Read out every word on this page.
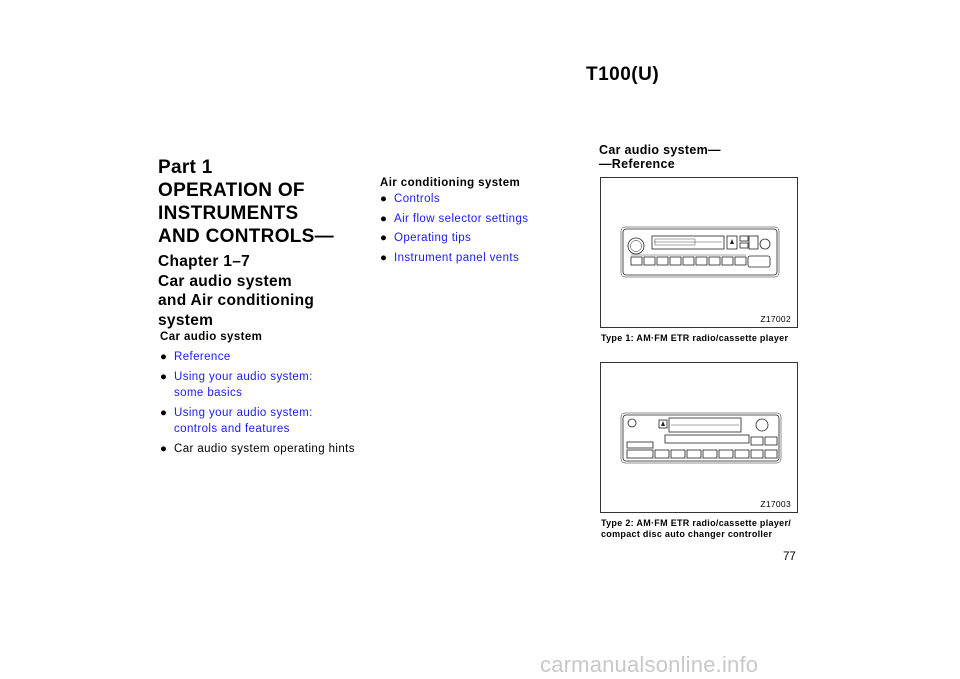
T100(U)
Part 1
OPERATION OF
INSTRUMENTS
AND CONTROLS—
Chapter 1–7
Car audio system
and Air conditioning
system
Car audio system
● Reference
● Using your audio system:
some basics
● Using your audio system:
controls and features
● Car audio system operating hints
Air conditioning system
● Controls
● Air flow selector settings
● Operating tips
● Instrument panel vents
Car audio system—
—Reference
Z17002
Type 1: AM·FM ETR radio/cassette player
Z17003
Type 2: AM·FM ETR radio/cassette player/
compact disc auto changer controller
77
carmanualsonline.info
